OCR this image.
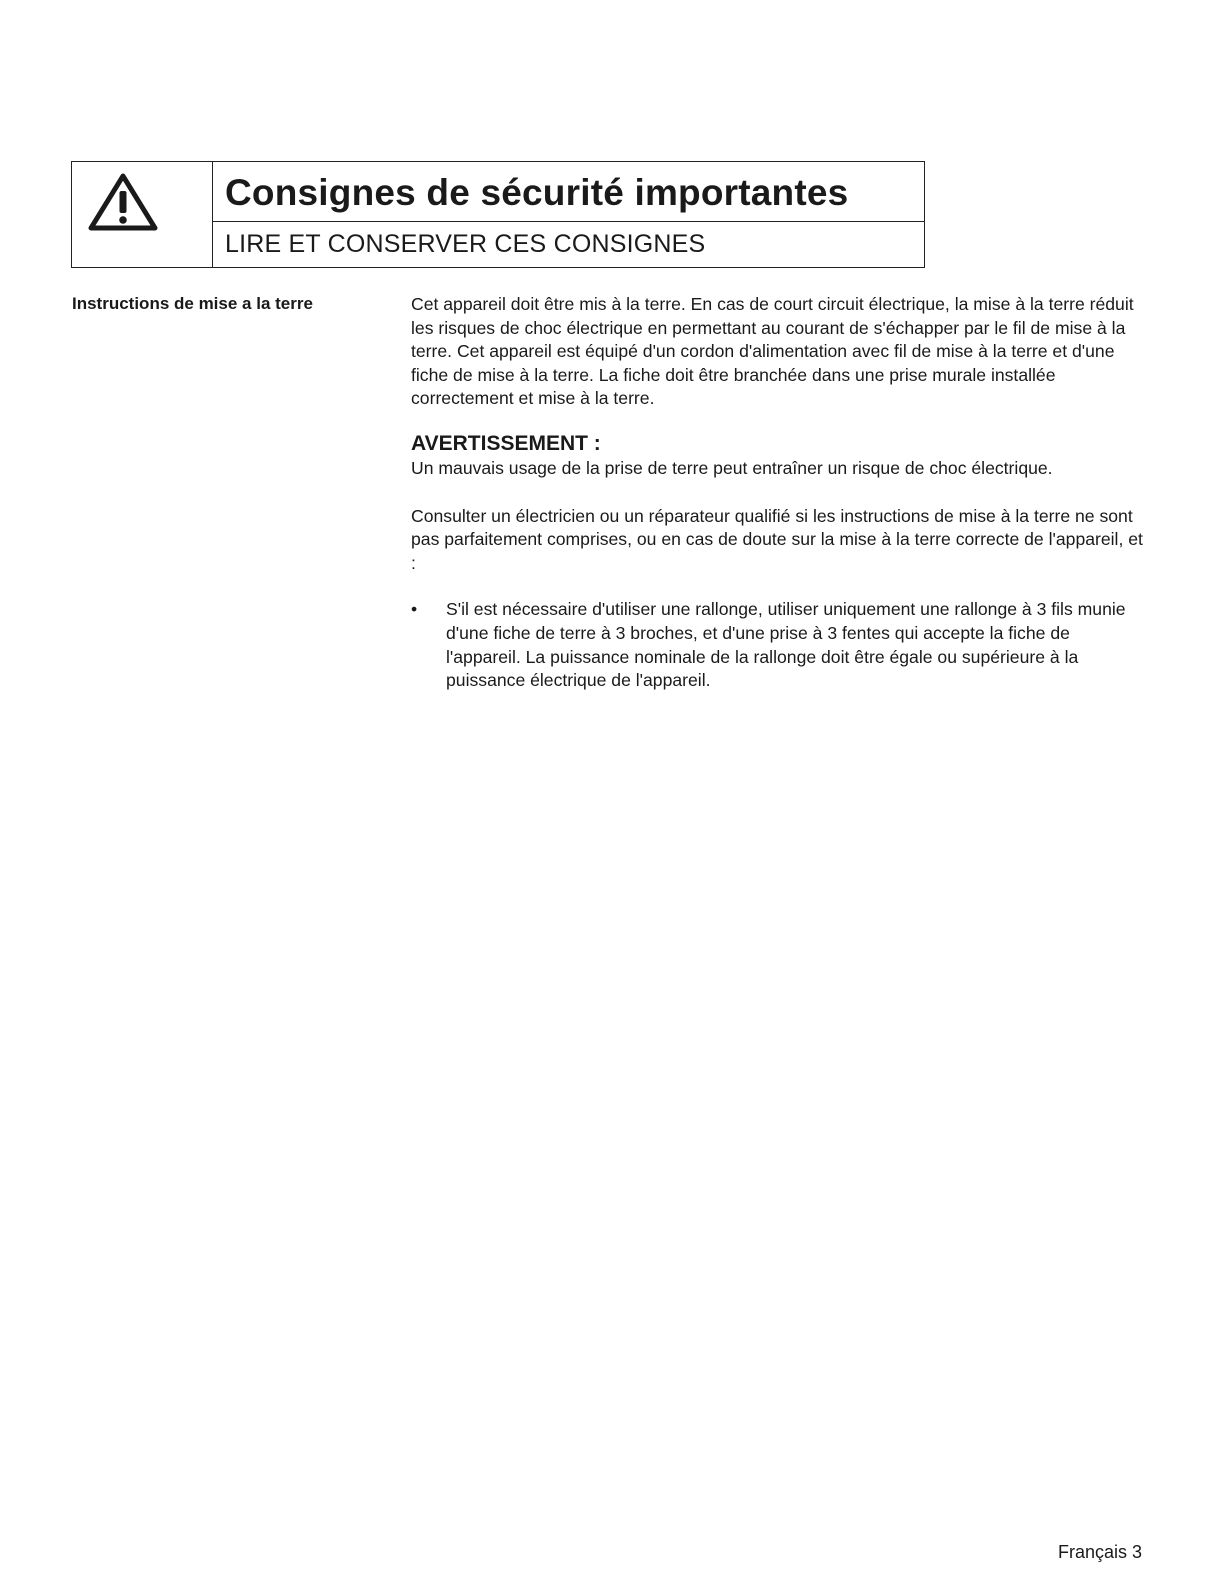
Consignes de sécurité importantes
LIRE ET CONSERVER CES CONSIGNES
Instructions de mise a la terre	Cet appareil doit être mis à la terre. En cas de court circuit électrique, la mise à la terre réduit les risques de choc électrique en permettant au courant de s'échapper par le fil de mise à la terre. Cet appareil est équipé d'un cordon d'alimentation avec fil de mise à la terre et d'une fiche de mise à la terre. La fiche doit être branchée dans une prise murale installée correctement et mise à la terre.

AVERTISSEMENT :

Un mauvais usage de la prise de terre peut entraîner un risque de choc électrique.

Consulter un électricien ou un réparateur qualifié si les instructions de mise à la terre ne sont pas parfaitement comprises, ou en cas de doute sur la mise à la terre correcte de l'appareil, et :

• S'il est nécessaire d'utiliser une rallonge, utiliser uniquement une rallonge à 3 fils munie d'une fiche de terre à 3 broches, et d'une prise à 3 fentes qui accepte la fiche de l'appareil. La puissance nominale de la rallonge doit être égale ou supérieure à la puissance électrique de l'appareil.
Français 3
